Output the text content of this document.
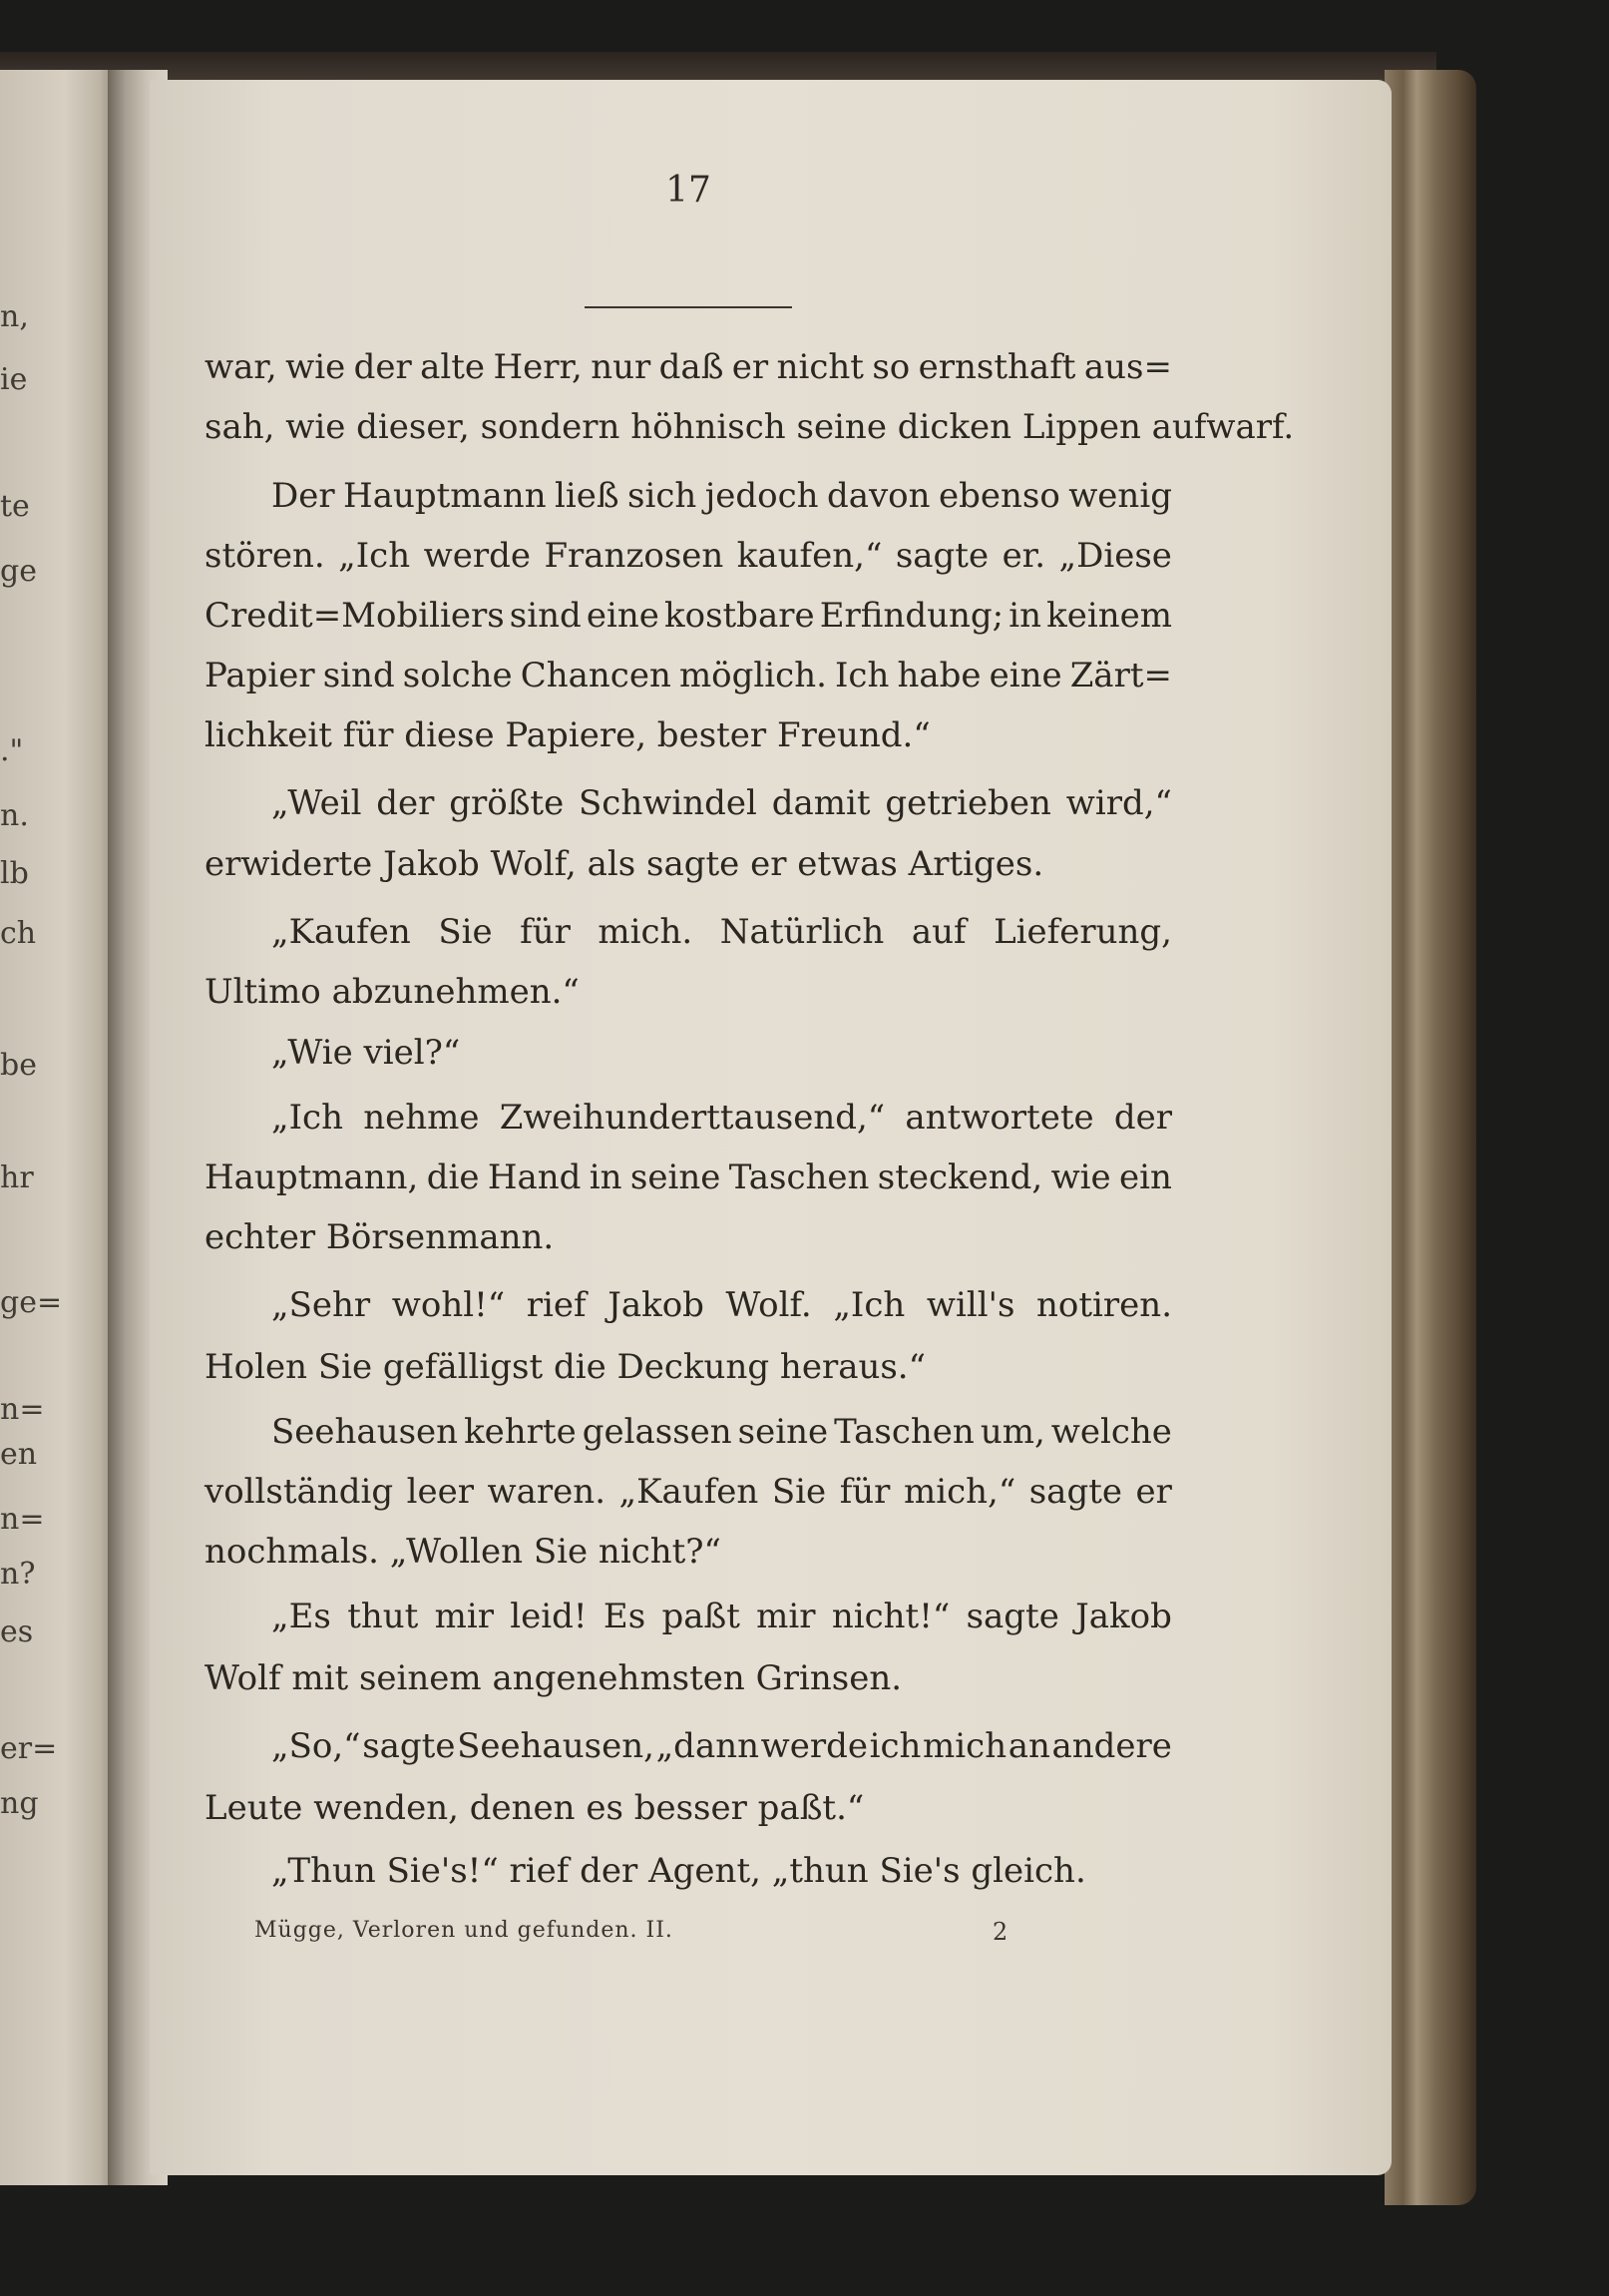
n,
ie
te
ge
."
n.
lb
ch
be
hr
ge=
n=
en
n=
n?
es
er=
ng
17
war, wie der alte Herr, nur daß er nicht so ernsthaft aus=
sah, wie dieser, sondern höhnisch seine dicken Lippen aufwarf.
Der Hauptmann ließ sich jedoch davon ebenso wenig
stören. „Ich werde Franzosen kaufen,“ sagte er. „Diese
Credit=Mobiliers sind eine kostbare Erfindung; in keinem
Papier sind solche Chancen möglich. Ich habe eine Zärt=
lichkeit für diese Papiere, bester Freund.“
„Weil der größte Schwindel damit getrieben wird,“
erwiderte Jakob Wolf, als sagte er etwas Artiges.
„Kaufen Sie für mich. Natürlich auf Lieferung,
Ultimo abzunehmen.“
„Wie viel?“
„Ich nehme Zweihunderttausend,“ antwortete der
Hauptmann, die Hand in seine Taschen steckend, wie ein
echter Börsenmann.
„Sehr wohl!“ rief Jakob Wolf. „Ich will's notiren.
Holen Sie gefälligst die Deckung heraus.“
Seehausen kehrte gelassen seine Taschen um, welche
vollständig leer waren. „Kaufen Sie für mich,“ sagte er
nochmals. „Wollen Sie nicht?“
„Es thut mir leid! Es paßt mir nicht!“ sagte Jakob
Wolf mit seinem angenehmsten Grinsen.
„So,“ sagte Seehausen, „dann werde ich mich an andere
Leute wenden, denen es besser paßt.“
„Thun Sie's!“ rief der Agent, „thun Sie's gleich.
Mügge, Verloren und gefunden. II.	2
